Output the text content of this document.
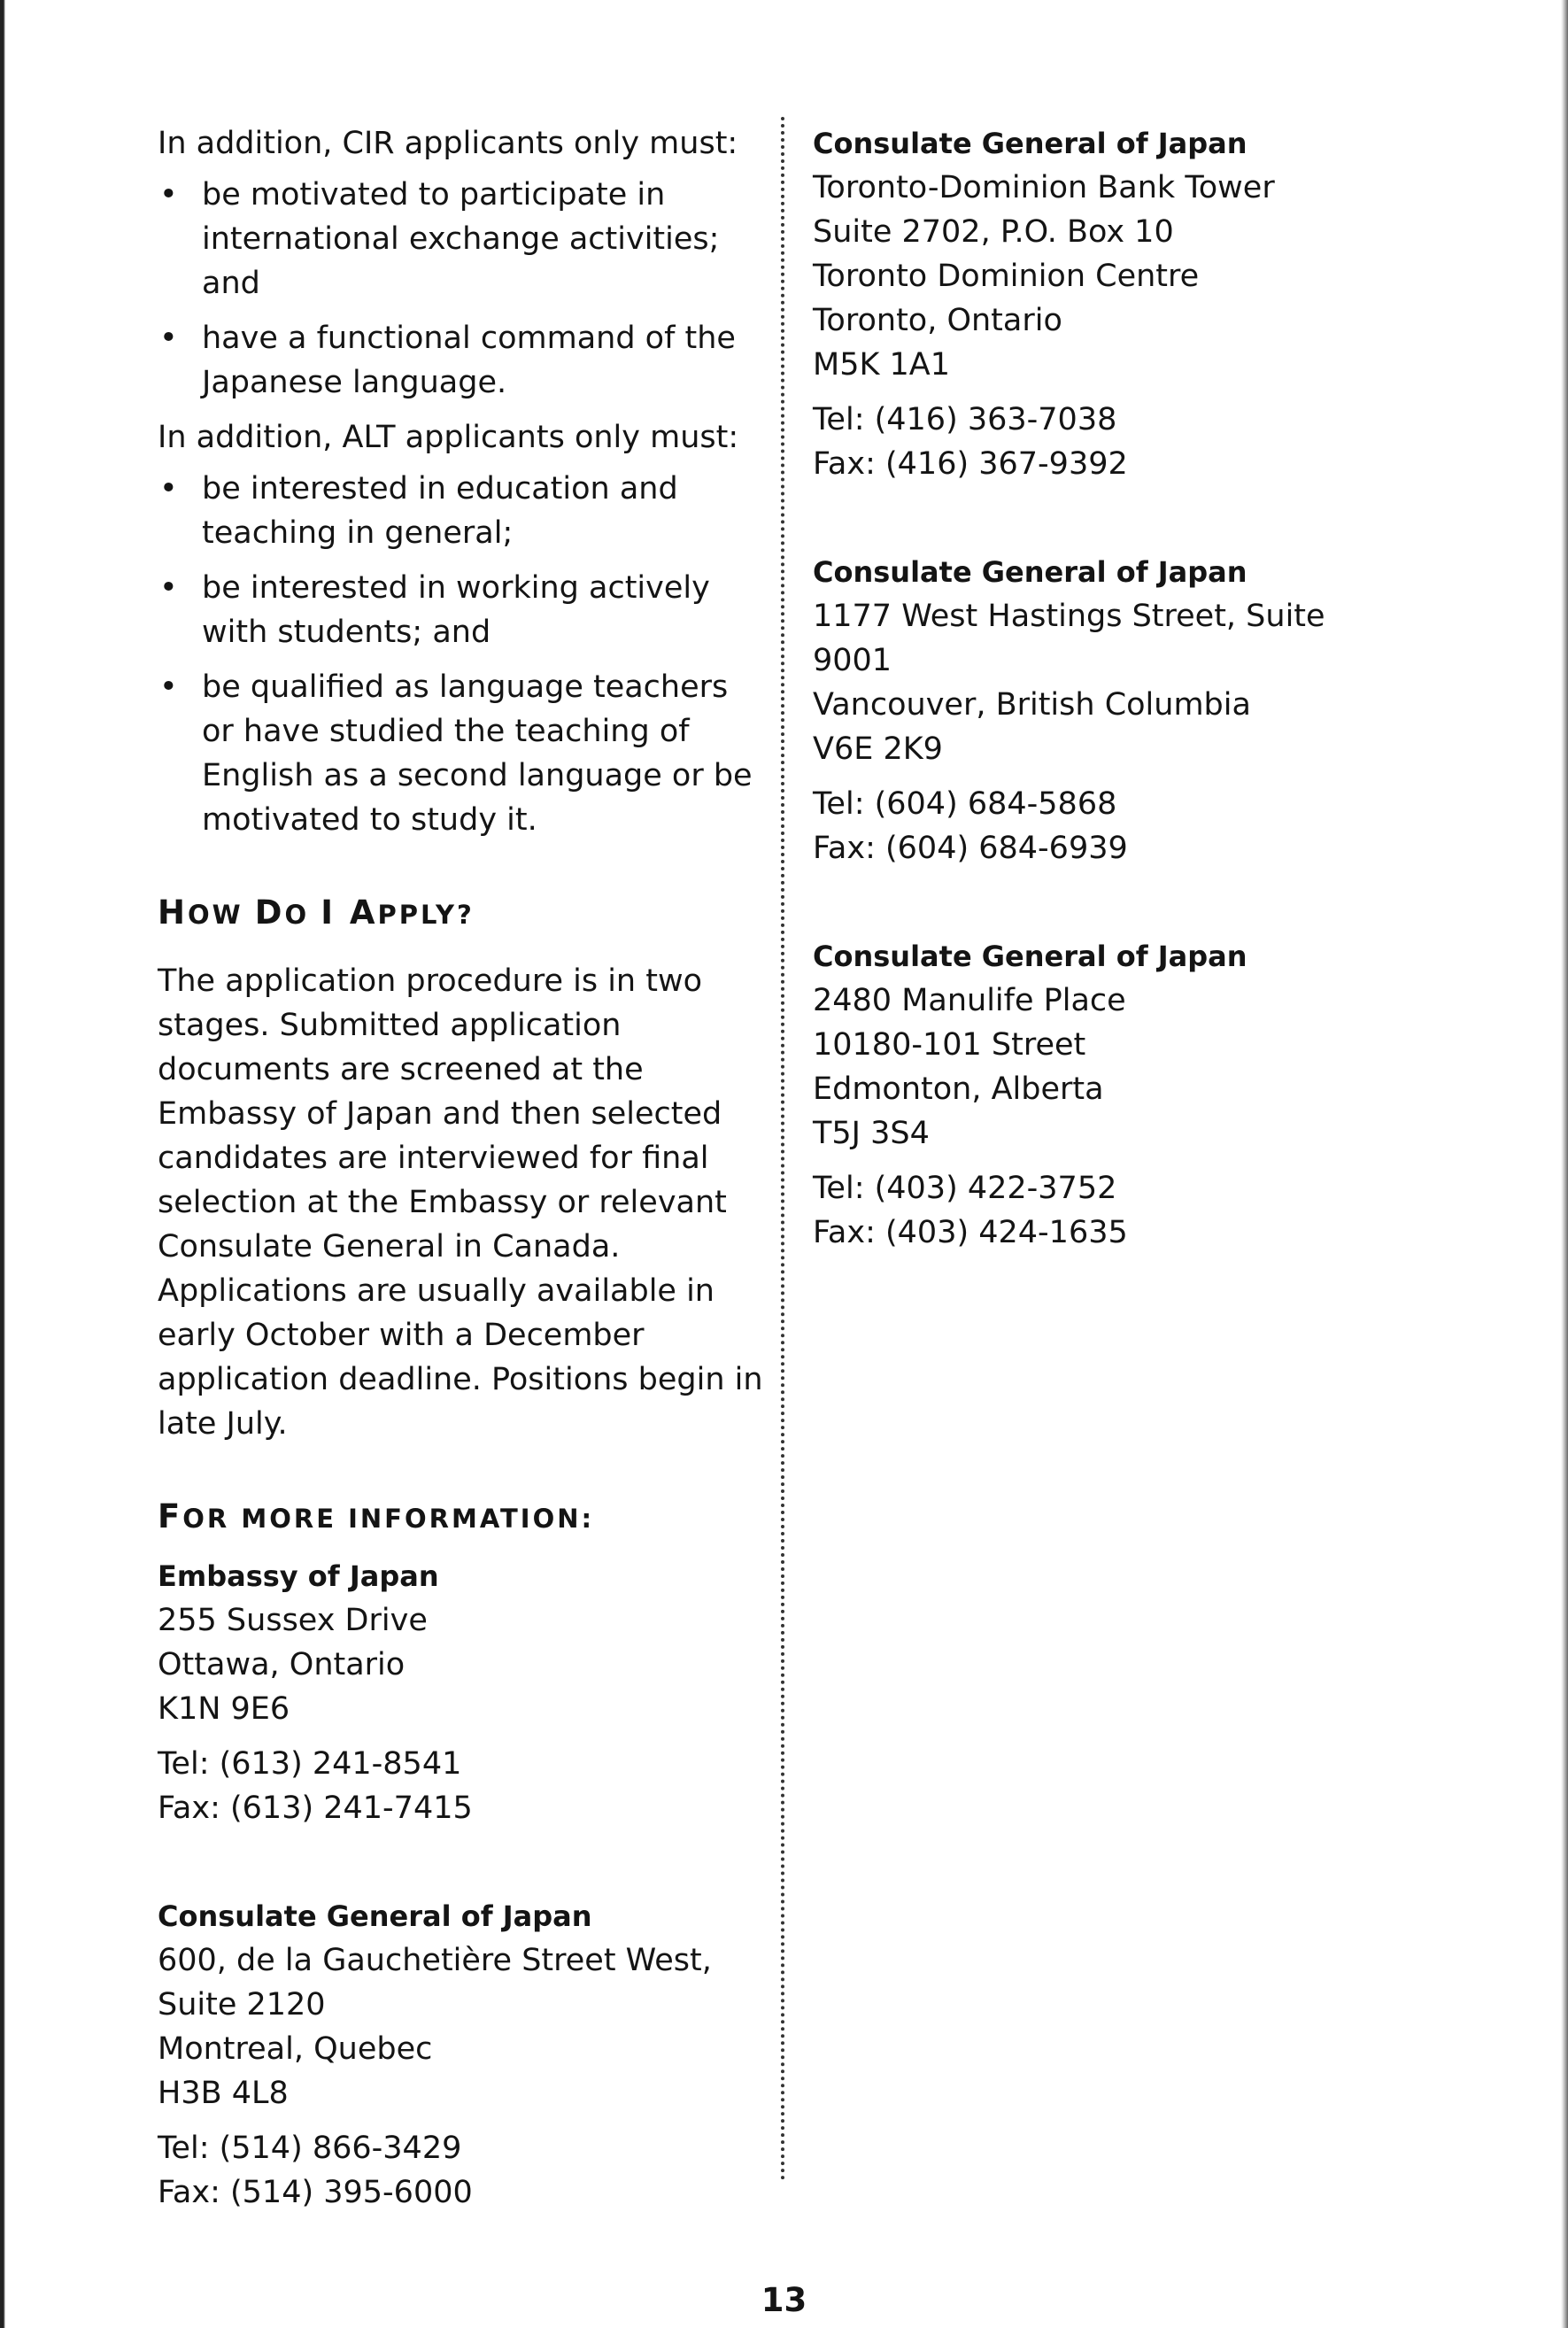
In addition, CIR applicants only must:
• be motivated to participate in international exchange activities; and
• have a functional command of the Japanese language.
In addition, ALT applicants only must:
• be interested in education and teaching in general;
• be interested in working actively with students; and
• be qualified as language teachers or have studied the teaching of English as a second language or be motivated to study it.
HOW DO I APPLY?
The application procedure is in two stages. Submitted application documents are screened at the Embassy of Japan and then selected candidates are interviewed for final selection at the Embassy or relevant Consulate General in Canada. Applications are usually available in early October with a December application deadline. Positions begin in late July.
FOR MORE INFORMATION:
Embassy of Japan
255 Sussex Drive
Ottawa, Ontario
K1N 9E6
Tel: (613) 241-8541
Fax: (613) 241-7415
Consulate General of Japan
600, de la Gauchetière Street West,
Suite 2120
Montreal, Quebec
H3B 4L8
Tel: (514) 866-3429
Fax: (514) 395-6000
Consulate General of Japan
Toronto-Dominion Bank Tower
Suite 2702, P.O. Box 10
Toronto Dominion Centre
Toronto, Ontario
M5K 1A1
Tel: (416) 363-7038
Fax: (416) 367-9392
Consulate General of Japan
1177 West Hastings Street, Suite 9001
Vancouver, British Columbia
V6E 2K9
Tel: (604) 684-5868
Fax: (604) 684-6939
Consulate General of Japan
2480 Manulife Place
10180-101 Street
Edmonton, Alberta
T5J 3S4
Tel: (403) 422-3752
Fax: (403) 424-1635
13
